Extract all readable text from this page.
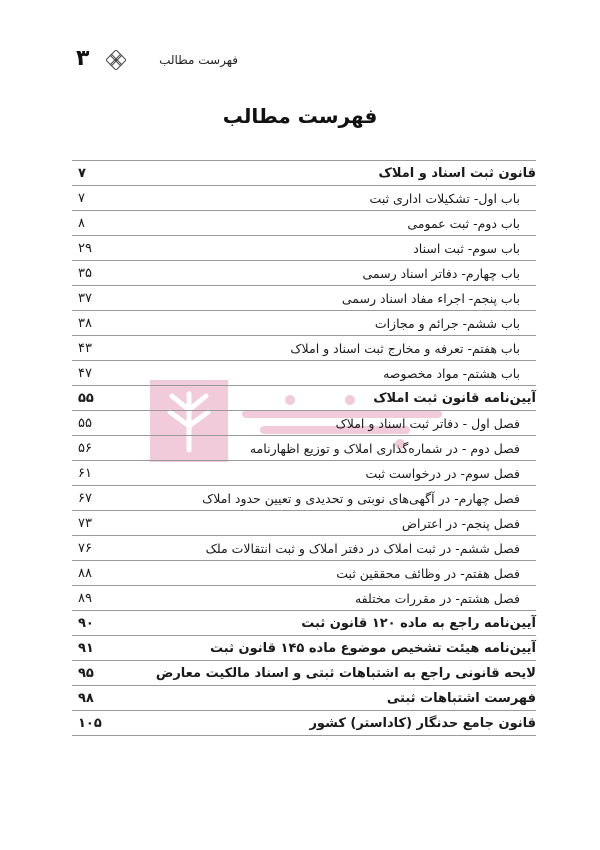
فهرست مطالب
۳
فهرست مطالب
قانون ثبت اسناد و املاک
۷
باب اول- تشکیلات اداری ثبت
۷
باب دوم- ثبت عمومی
۸
باب سوم- ثبت اسناد
۲۹
باب چهارم- دفاتر اسناد رسمی
۳۵
باب پنجم- اجراء مفاد اسناد رسمی
۳۷
باب ششم- جرائم و مجازات
۳۸
باب هفتم- تعرفه و مخارج ثبت اسناد و املاک
۴۳
باب هشتم- مواد مخصوصه
۴۷
آیین‌نامه قانون ثبت املاک
۵۵
فصل اول - دفاتر ثبت اسناد و املاک
۵۵
فصل دوم - در شماره‌گذاری املاک و توزیع اظهارنامه
۵۶
فصل سوم- در درخواست ثبت
۶۱
فصل چهارم- در آگهی‌های نوبتی و تحدیدی و تعیین حدود املاک
۶۷
فصل پنجم- در اعتراض
۷۳
فصل ششم- در ثبت املاک در دفتر املاک و ثبت انتقالات ملک
۷۶
فصل هفتم- در وظائف محققین ثبت
۸۸
فصل هشتم- در مقررات مختلفه
۸۹
آیین‌نامه راجع به ماده ۱۲۰ قانون ثبت
۹۰
آیین‌نامه هیئت تشخیص موضوع ماده ۱۴۵ قانون ثبت
۹۱
لایحه قانونی راجع به اشتباهات ثبتی و اسناد مالکیت معارض
۹۵
فهرست اشتباهات ثبتی
۹۸
قانون جامع حدنگار (کاداستر) کشور
۱۰۵
